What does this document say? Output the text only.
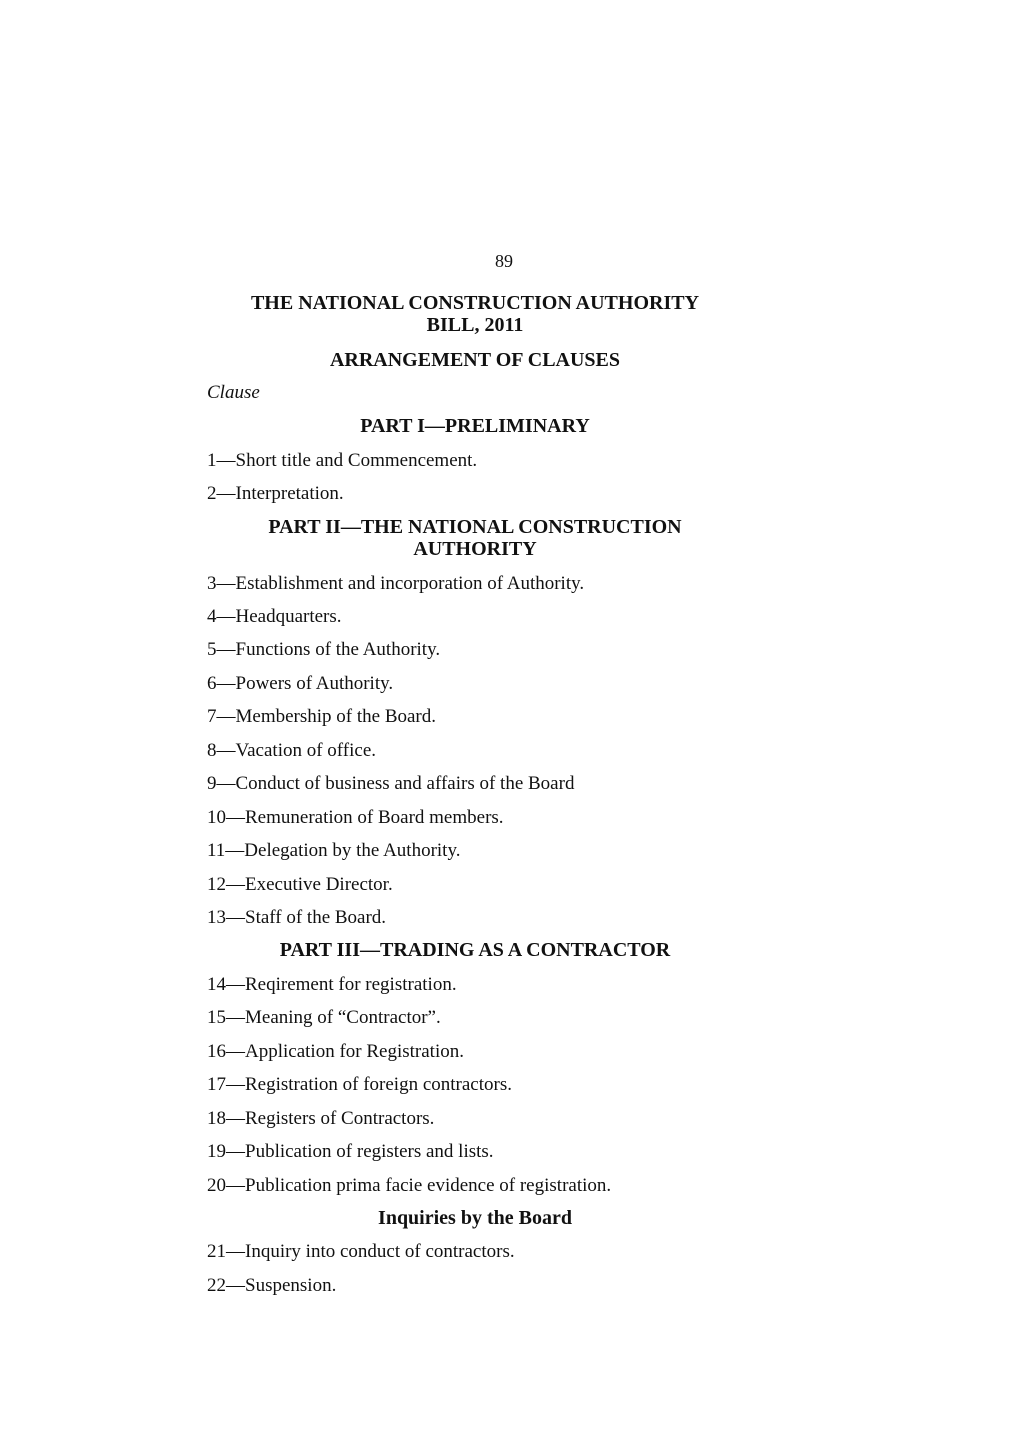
89
THE NATIONAL CONSTRUCTION AUTHORITY
BILL, 2011
ARRANGEMENT OF CLAUSES
Clause
PART I—PRELIMINARY
1—Short title and Commencement.
2—Interpretation.
PART II—THE NATIONAL CONSTRUCTION
AUTHORITY
3—Establishment and incorporation of Authority.
4—Headquarters.
5—Functions of the Authority.
6—Powers of Authority.
7—Membership of the Board.
8—Vacation of office.
9—Conduct of business and affairs of the Board
10—Remuneration of Board members.
11—Delegation by the Authority.
12—Executive Director.
13—Staff of the Board.
PART III—TRADING AS A CONTRACTOR
14—Reqirement for registration.
15—Meaning of “Contractor”.
16—Application for Registration.
17—Registration of foreign contractors.
18—Registers of Contractors.
19—Publication of registers and lists.
20—Publication prima facie evidence of registration.
Inquiries by the Board
21—Inquiry into conduct of contractors.
22—Suspension.
